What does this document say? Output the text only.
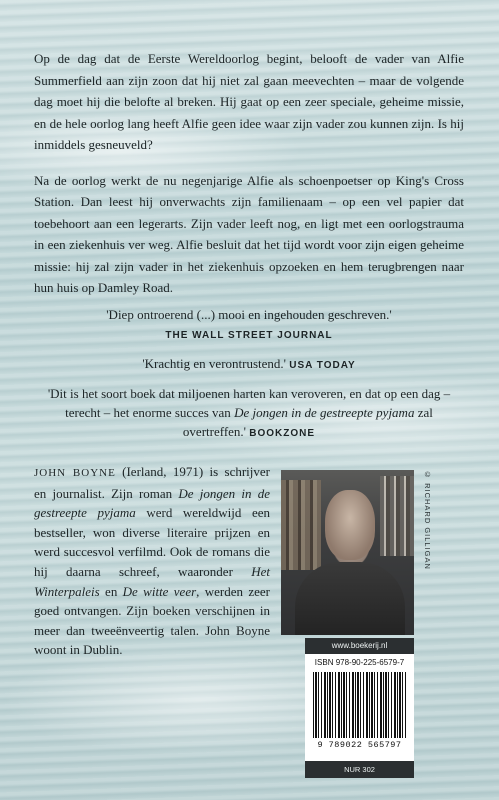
Op de dag dat de Eerste Wereldoorlog begint, belooft de vader van Alfie Summerfield aan zijn zoon dat hij niet zal gaan meevechten – maar de volgende dag moet hij die belofte al breken. Hij gaat op een zeer speciale, geheime missie, en de hele oorlog lang heeft Alfie geen idee waar zijn vader zou kunnen zijn. Is hij inmiddels gesneuveld?

Na de oorlog werkt de nu negenjarige Alfie als schoenpoetser op King's Cross Station. Dan leest hij onverwachts zijn familienaam – op een vel papier dat toebehoort aan een legerarts. Zijn vader leeft nog, en ligt met een oorlogstrauma in een ziekenhuis ver weg. Alfie besluit dat het tijd wordt voor zijn eigen geheime missie: hij zal zijn vader in het ziekenhuis opzoeken en hem terugbrengen naar hun huis op Damley Road.

'Diep ontroerend (...) mooi en ingehouden geschreven.'
THE WALL STREET JOURNAL
'Krachtig en verontrustend.' USA TODAY
'Dit is het soort boek dat miljoenen harten kan veroveren, en dat op een dag – terecht – het enorme succes van De jongen in de gestreepte pyjama zal overtreffen.' BOOKZONE

JOHN BOYNE (Ierland, 1971) is schrijver en journalist. Zijn roman De jongen in de gestreepte pyjama werd wereldwijd een bestseller, won diverse literaire prijzen en werd succesvol verfilmd. Ook de romans die hij daarna schreef, waaronder Het Winterpaleis en De witte veer, werden zeer goed ontvangen. Zijn boeken verschijnen in meer dan tweeënveertig talen. John Boyne woont in Dublin.

© RICHARD GILLIGAN
www.boekerij.nl
ISBN 978-90-225-6579-7
9 789022 565797
NUR 302
